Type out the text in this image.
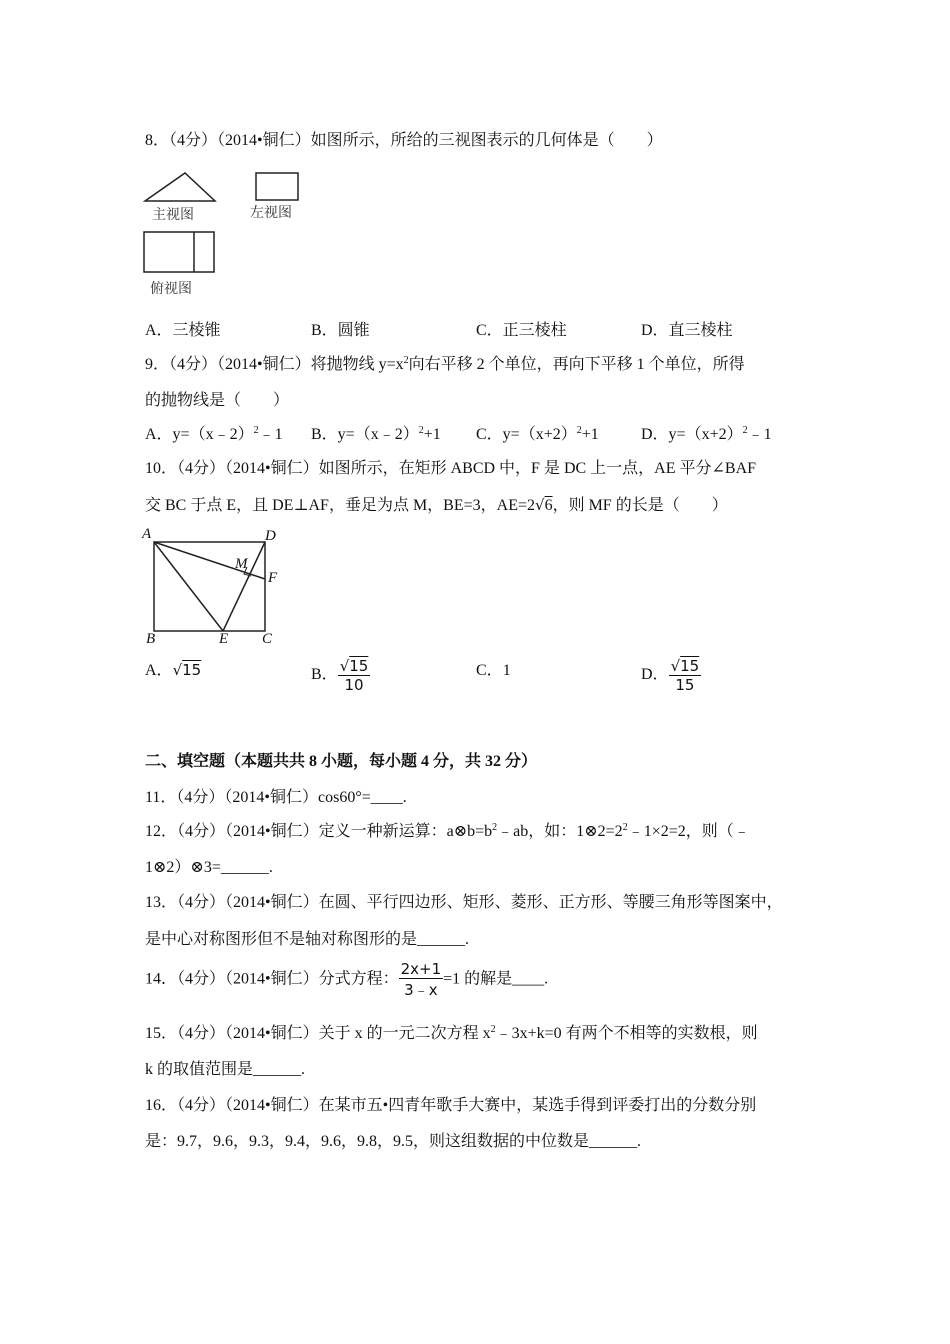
8．（4分）（2014•铜仁）如图所示，所给的三视图表示的几何体是（　　）
主视图	左视图
俯视图
A．三棱锥	B．圆锥	C．正三棱柱	D．直三棱柱
9．（4分）（2014•铜仁）将抛物线 $y=x^2$向右平移 2 个单位，再向下平移 1 个单位，所得
的抛物线是（　　）
A．y=（x﹣2）$^2$﹣1 B．y=（x﹣2）$^2$+1 C．$y=(x+2)^2+1$	D．$y=(x+2)^2﹣1$
10．（4分）（2014•铜仁）如图所示，在矩形 ABCD 中，F 是 DC 上一点，AE 平分∠BAF
交 BC 于点 E，且 DE⊥AF，垂足为点 M，BE=3，AE=2√6，则 MF 的长是（　　）
A	D
M
F
B	E C
A．√15	B． $\frac{√15}{10}$	C．1	D． $\frac{√15}{15}$
二、填空题（本题共共 8 小题，每小题 4 分，共 32 分）
11．（4分）（2014•铜仁）cos60°=____.
12．（4分）（2014•铜仁）定义一种新运算：$a\otimes b=b^2﹣ab$，如：$1\otimes 2=2^2﹣1\times 2=2$，则（﹣
1⊗2）⊗3=______.
13．（4分）（2014•铜仁）在圆、平行四边形、矩形、菱形、正方形、等腰三角形等图案中，
是中心对称图形但不是轴对称图形的是______.
14．（4分）（2014•铜仁）分式方程： $\frac{2x+1}{3﹣x} =1$ 的解是____.
15．（4分）（2014•铜仁）关于 x 的一元二次方程 $x^2﹣3x+k=0$ 有两个不相等的实数根，则
k 的取值范围是______.
16．（4分）（2014•铜仁）在某市五•四青年歌手大赛中，某选手得到评委打出的分数分别
是：9.7，9.6，9.3，9.4，9.6，9.8，9.5，则这组数据的中位数是______.
